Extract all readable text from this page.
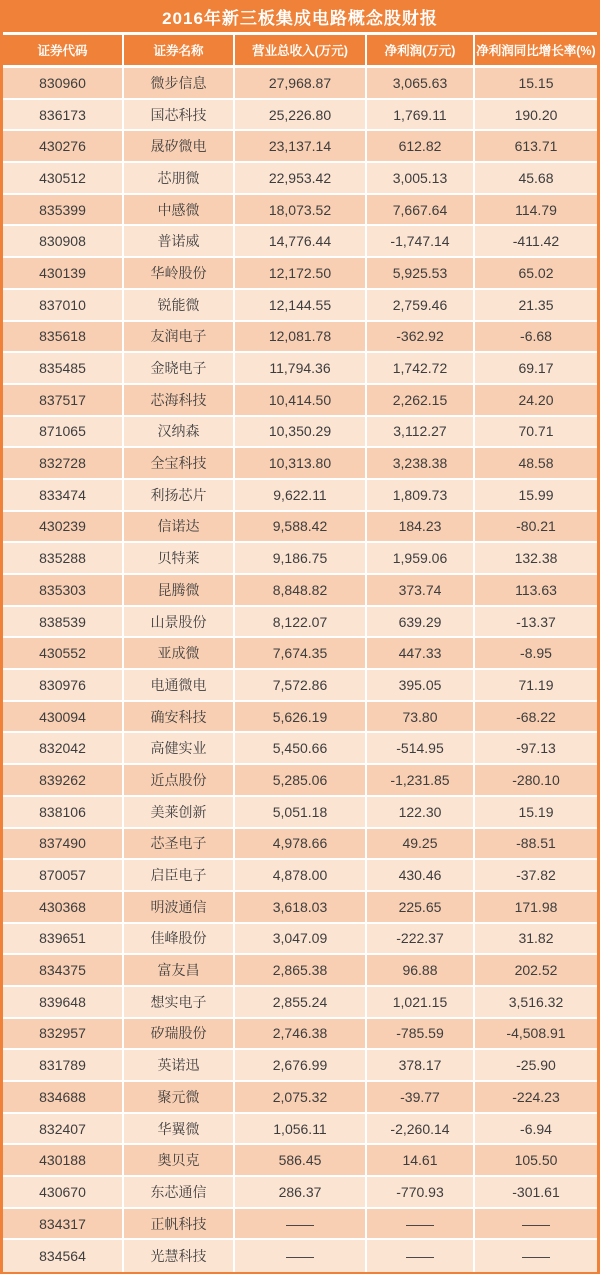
2016年新三板集成电路概念股财报
证券代码	证券名称	营业总收入(万元)	净利润(万元)	净利润同比增长率(%)
830960	微步信息	27,968.87	3,065.63	15.15
836173	国芯科技	25,226.80	1,769.11	190.20
430276	晟矽微电	23,137.14	612.82	613.71
430512	芯朋微	22,953.42	3,005.13	45.68
835399	中感微	18,073.52	7,667.64	114.79
830908	普诺威	14,776.44	-1,747.14	-411.42
430139	华岭股份	12,172.50	5,925.53	65.02
837010	锐能微	12,144.55	2,759.46	21.35
835618	友润电子	12,081.78	-362.92	-6.68
835485	金晓电子	11,794.36	1,742.72	69.17
837517	芯海科技	10,414.50	2,262.15	24.20
871065	汉纳森	10,350.29	3,112.27	70.71
832728	全宝科技	10,313.80	3,238.38	48.58
833474	利扬芯片	9,622.11	1,809.73	15.99
430239	信诺达	9,588.42	184.23	-80.21
835288	贝特莱	9,186.75	1,959.06	132.38
835303	昆腾微	8,848.82	373.74	113.63
838539	山景股份	8,122.07	639.29	-13.37
430552	亚成微	7,674.35	447.33	-8.95
830976	电通微电	7,572.86	395.05	71.19
430094	确安科技	5,626.19	73.80	-68.22
832042	高健实业	5,450.66	-514.95	-97.13
839262	近点股份	5,285.06	-1,231.85	-280.10
838106	美莱创新	5,051.18	122.30	15.19
837490	芯圣电子	4,978.66	49.25	-88.51
870057	启臣电子	4,878.00	430.46	-37.82
430368	明波通信	3,618.03	225.65	171.98
839651	佳峰股份	3,047.09	-222.37	31.82
834375	富友昌	2,865.38	96.88	202.52
839648	想实电子	2,855.24	1,021.15	3,516.32
832957	矽瑞股份	2,746.38	-785.59	-4,508.91
831789	英诺迅	2,676.99	378.17	-25.90
834688	聚元微	2,075.32	-39.77	-224.23
832407	华翼微	1,056.11	-2,260.14	-6.94
430188	奥贝克	586.45	14.61	105.50
430670	东芯通信	286.37	-770.93	-301.61
834317	正帆科技	——	——	——
834564	光慧科技	——	——	——
